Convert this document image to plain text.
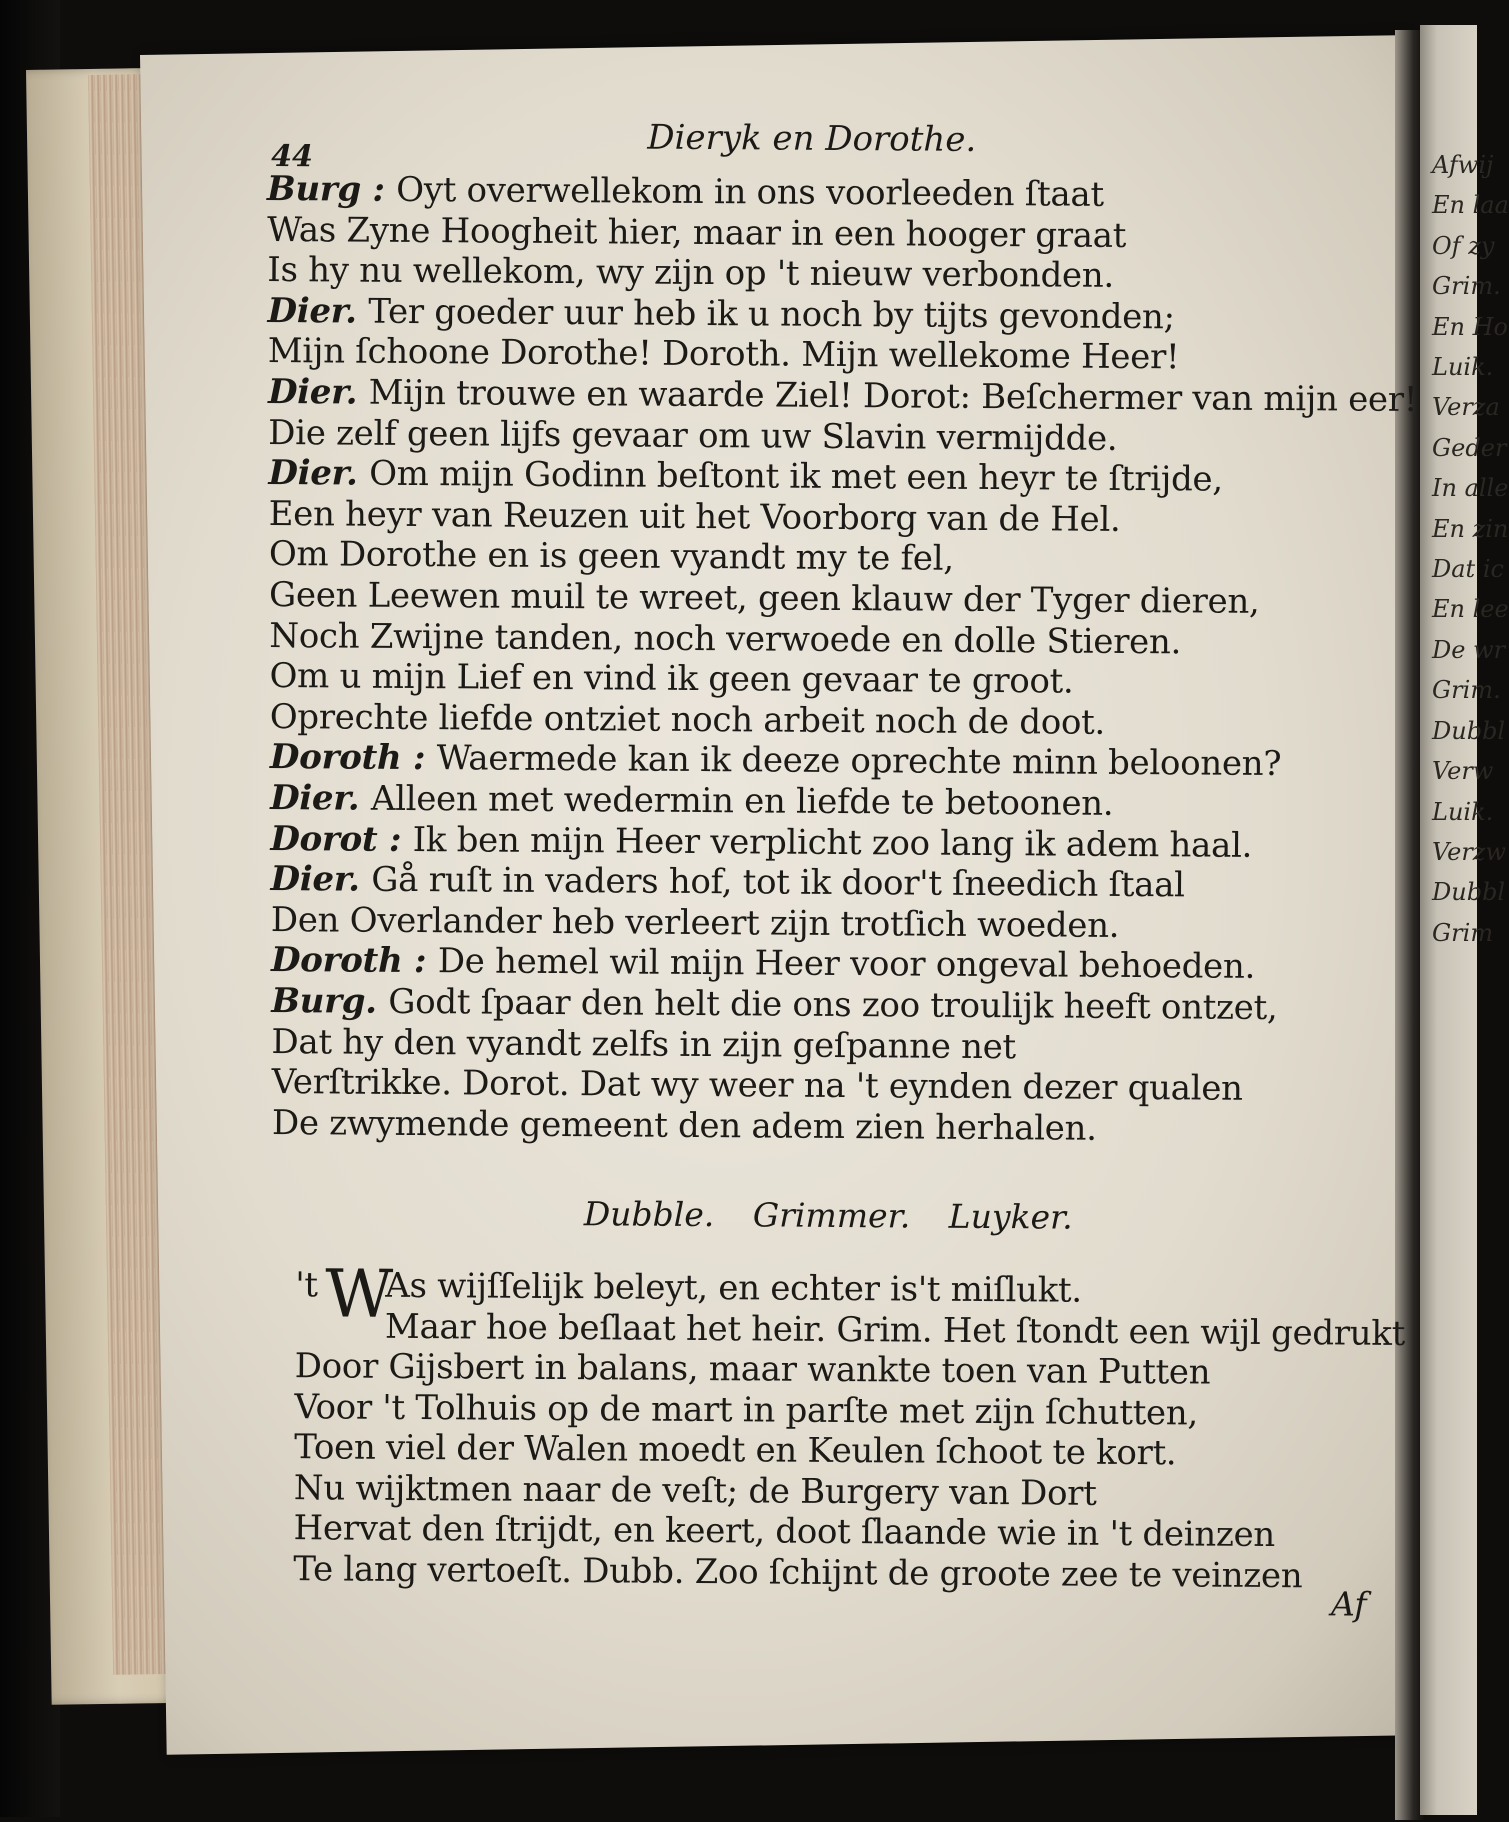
Afwij
En laa
Of zy
Grim.
En Ho
Luik.
Verza
Geder
In alle
En zin
Dat ic
En lee
De wr
Grim.
Dubbl
Verw
Luik.
Verzw
Dubbl
Grim
44	Dieryk en Dorothe.
Burg : Oyt overwellekom in ons voorleeden ſtaat
Was Zyne Hoogheit hier, maar in een hooger graat
Is hy nu wellekom, wy zijn op 't nieuw verbonden.
Dier. Ter goeder uur heb ik u noch by tijts gevonden;
Mijn ſchoone Dorothe! Doroth. Mijn wellekome Heer!
Dier. Mijn trouwe en waarde Ziel! Dorot: Beſchermer van mijn eer!
Die zelf geen lijfs gevaar om uw Slavin vermijdde.
Dier. Om mijn Godinn beſtont ik met een heyr te ſtrijde,
Een heyr van Reuzen uit het Voorborg van de Hel.
Om Dorothe en is geen vyandt my te fel,
Geen Leewen muil te wreet, geen klauw der Tyger dieren,
Noch Zwijne tanden, noch verwoede en dolle Stieren.
Om u mijn Lief en vind ik geen gevaar te groot.
Oprechte liefde ontziet noch arbeit noch de doot.
Doroth : Waermede kan ik deeze oprechte minn beloonen?
Dier. Alleen met wedermin en liefde te betoonen.
Dorot : Ik ben mijn Heer verplicht zoo lang ik adem haal.
Dier. Gå ruſt in vaders hof, tot ik door't ſneedich ſtaal
Den Overlander heb verleert zijn trotſich woeden.
Doroth : De hemel wil mijn Heer voor ongeval behoeden.
Burg. Godt ſpaar den helt die ons zoo troulijk heeft ontzet,
Dat hy den vyandt zelfs in zijn geſpanne net
Verſtrikke. Dorot. Dat wy weer na 't eynden dezer qualen
De zwymende gemeent den adem zien herhalen.
Dubble. Grimmer. Luyker.
W
't As wijſſelijk beleyt, en echter is't miſlukt.
Maar hoe beſlaat het heir. Grim. Het ſtondt een wijl gedrukt
Door Gijsbert in balans, maar wankte toen van Putten
Voor 't Tolhuis op de mart in parſte met zijn ſchutten,
Toen viel der Walen moedt en Keulen ſchoot te kort.
Nu wijktmen naar de veſt; de Burgery van Dort
Hervat den ſtrijdt, en keert, doot ſlaande wie in 't deinzen
Te lang vertoeſt. Dubb. Zoo ſchijnt de groote zee te veinzen
Af
